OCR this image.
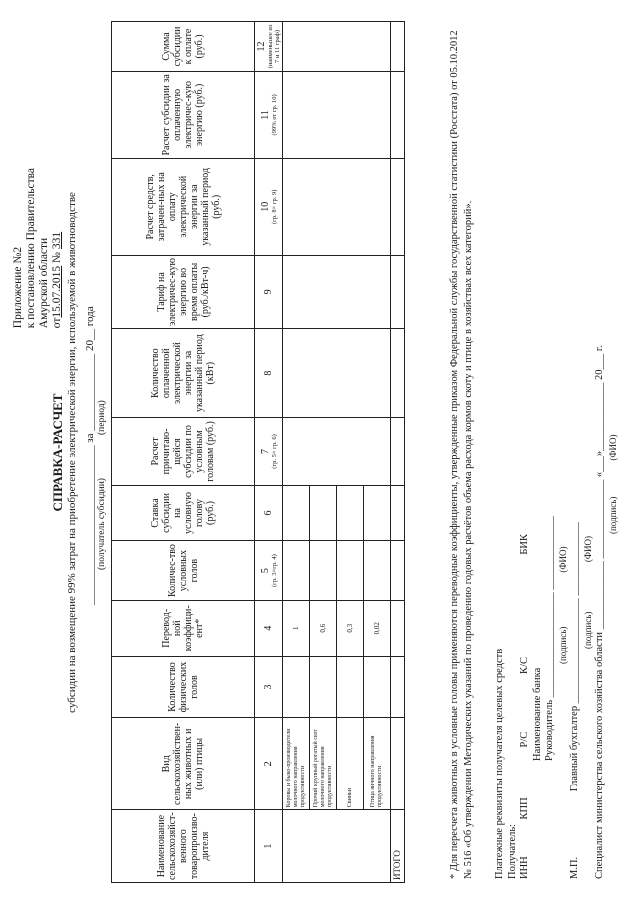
Приложение №2 к постановлению Правительства Амурской области от15.07.2015 № 331
СПРАВКА-РАСЧЕТ субсидии на возмещение 99% затрат на приобретение электрической энергии, используемой в животноводстве _____________________________ за ______________ 20__ года
(получатель субсидии)
(период)
Наименование сельскохозяйст-венного товаропроизво-дителя	Вид сельскохозяйствен-ных животных и (или) птицы	Количество физических голов	Перевод-ной коэффици-ент*	Количес-тво условных голов	Ставка субсидии на условную голову (руб.)	Расчет причитаю-щейся субсидии по условным головам (руб.)	Количество оплаченной электрической энергии за указанный период (кВт)	Тариф на электричес-кую энергию во время оплаты (руб./кВт-ч)	Расчет средств, затрачен-ных на оплату электрической энергии за указанный период (руб.)	Расчет субсидии за оплаченную электричес-кую энергию (руб.)	Сумма субсидии к оплате (руб.)
1	2	3	4	5 (гр. 3×гр. 4)	6	7 (гр. 5× гр. 6)	8	9	10 (гр. 8× гр. 9)	11 (99% от гр. 10)	12 (наименьшее из 7 и 11 граф)

	Коровы и быко-производители молочного направления продуктивности		1								
	Прочий крупный рогатый скот молочного направления продуктивности		0,6								
	Свиньи		0,3								
	Птица яичного направления продуктивности		0,02								
ИТОГО												* Для пересчета животных в условные головы применяются переводные коэффициенты, утвержденные приказом Федеральной службы государственной статистики (Росстата) от 05.10.2012 № 516 «Об утверждении Методических указаний по проведению годовых расчётов объема расхода кормов скоту и птице в хозяйствах всех категорий». Платежные реквизиты получателя целевых средств Получатель: ИНН              КПП                   Р/С                      К/С                                       БИК
Наименование банка Руководитель ____________________ ______________ (подпись)                        (ФИО)
М.П.                         Главный бухгалтер ____________________ ______________ (подпись)                      (ФИО)
Специалист министерства сельского хозяйства области _____________ _______________ «___»_____________ 20___ г.
(подпись)                (ФИО)
